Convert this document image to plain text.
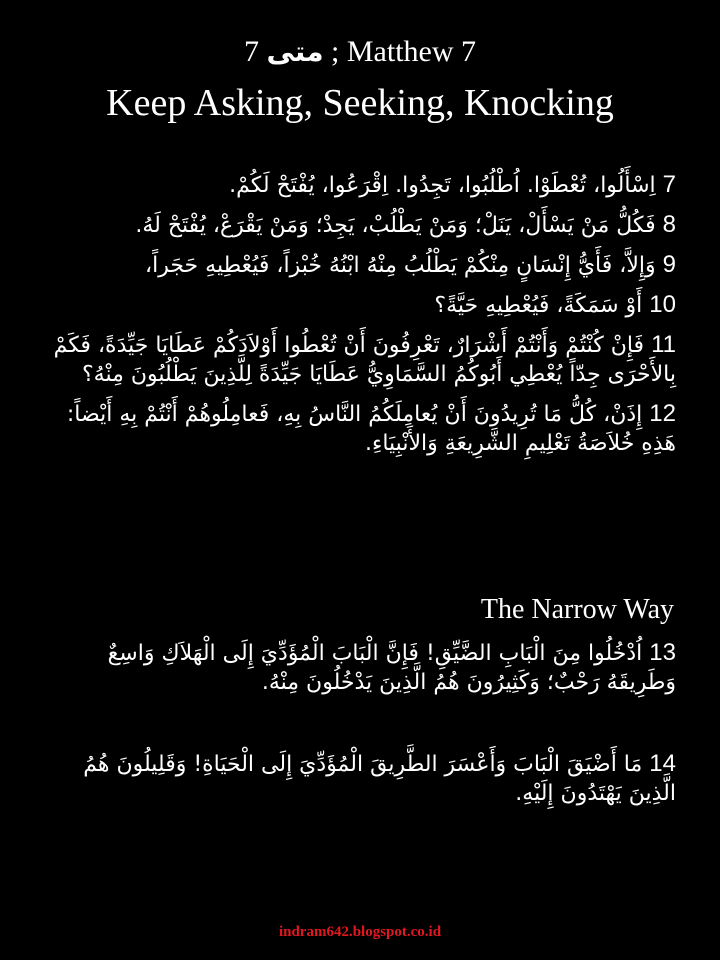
متى 7 ; Matthew 7
Keep Asking, Seeking, Knocking

7 اِسْأَلُوا، تُعْطَوْا. اُطْلُبُوا، تَجِدُوا. اِقْرَعُوا، يُفْتَحْ لَكُمْ.

8 فَكُلُّ مَنْ يَسْأَلْ، يَنَلْ؛ وَمَنْ يَطْلُبْ، يَجِدْ؛ وَمَنْ يَقْرَعْ، يُفْتَحْ لَهُ.

9 وَإِلاَّ، فَأَيُّ إِنْسَانٍ مِنْكُمْ يَطْلُبُ مِنْهُ ابْنُهُ خُبْزاً، فَيُعْطِيهِ حَجَراً،

10 أَوْ سَمَكَةً، فَيُعْطِيهِ حَيَّةً؟

11 فَإِنْ كُنْتُمْ وَأَنْتُمْ أَشْرَارٌ، تَعْرِفُونَ أَنْ تُعْطُوا أَوْلاَدَكُمْ عَطَايَا جَيِّدَةً، فَكَمْ بِالأَحْرَى جِدّاً يُعْطِي أَبُوكُمُ السَّمَاوِيُّ عَطَايَا جَيِّدَةً لِلَّذِينَ يَطْلُبُونَ مِنْهُ؟

12 إِذَنْ، كُلُّ مَا تُرِيدُونَ أَنْ يُعامِلَكُمُ النَّاسُ بِهِ، فَعامِلُوهُمْ أَنْتُمْ بِهِ أَيْضاً: هَذِهِ خُلاَصَةُ تَعْلِيمِ الشَّرِيعَةِ وَالأَنْبِيَاءِ.

The Narrow Way

13 اُدْخُلُوا مِنَ الْبَابِ الضَّيِّقِ! فَإِنَّ الْبَابَ الْمُؤَدِّيَ إِلَى الْهَلاَكِ وَاسِعٌ وَطَرِيقَهُ رَحْبٌ؛ وَكَثِيرُونَ هُمُ الَّذِينَ يَدْخُلُونَ مِنْهُ.

14 مَا أَضْيَقَ الْبَابَ وَأَعْسَرَ الطَّرِيقَ الْمُؤَدِّيَ إِلَى الْحَيَاةِ! وَقَلِيلُونَ هُمُ الَّذِينَ يَهْتَدُونَ إِلَيْهِ.

indram642.blogspot.co.id
